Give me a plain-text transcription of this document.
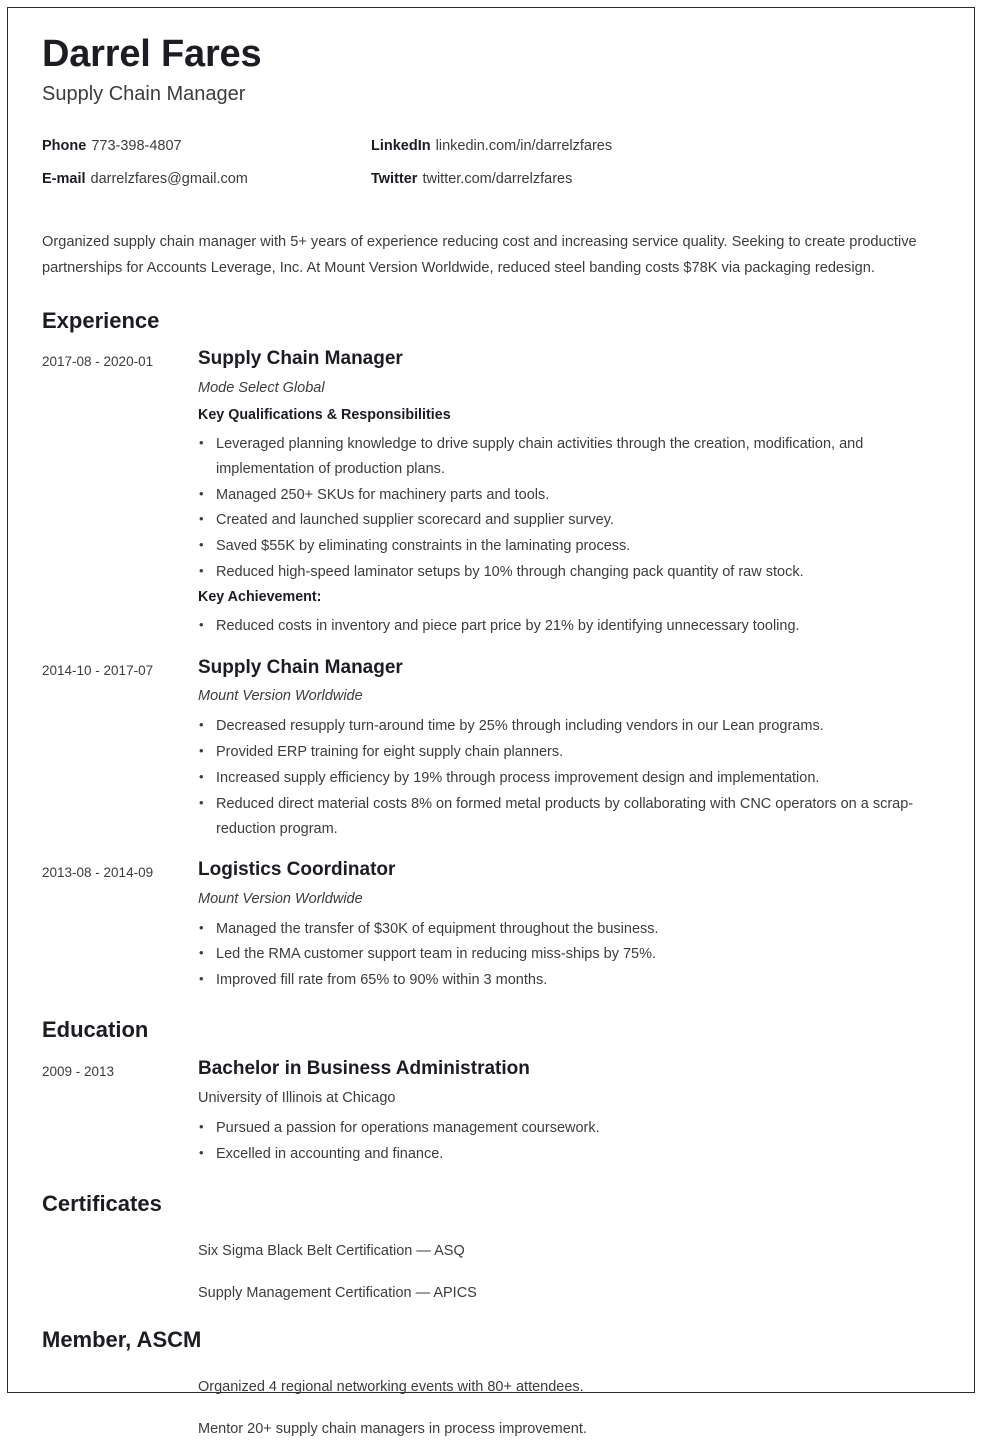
Darrel Fares
Supply Chain Manager
Phone 773-398-4807	LinkedIn linkedin.com/in/darrelzfares
E-mail darrelzfares@gmail.com	Twitter twitter.com/darrelzfares

Organized supply chain manager with 5+ years of experience reducing cost and increasing service quality. Seeking to create productive partnerships for Accounts Leverage, Inc. At Mount Version Worldwide, reduced steel banding costs $78K via packaging redesign.

Experience
2017-08 - 2020-01	Supply Chain Manager
Mode Select Global
Key Qualifications & Responsibilities
• Leveraged planning knowledge to drive supply chain activities through the creation, modification, and implementation of production plans.
• Managed 250+ SKUs for machinery parts and tools.
• Created and launched supplier scorecard and supplier survey.
• Saved $55K by eliminating constraints in the laminating process.
• Reduced high-speed laminator setups by 10% through changing pack quantity of raw stock.
Key Achievement:
• Reduced costs in inventory and piece part price by 21% by identifying unnecessary tooling.
2014-10 - 2017-07	Supply Chain Manager
Mount Version Worldwide
• Decreased resupply turn-around time by 25% through including vendors in our Lean programs.
• Provided ERP training for eight supply chain planners.
• Increased supply efficiency by 19% through process improvement design and implementation.
• Reduced direct material costs 8% on formed metal products by collaborating with CNC operators on a scrap-reduction program.
2013-08 - 2014-09	Logistics Coordinator
Mount Version Worldwide
• Managed the transfer of $30K of equipment throughout the business.
• Led the RMA customer support team in reducing miss-ships by 75%.
• Improved fill rate from 65% to 90% within 3 months.
Education
2009 - 2013	Bachelor in Business Administration
University of Illinois at Chicago
• Pursued a passion for operations management coursework.
• Excelled in accounting and finance.
Certificates
Six Sigma Black Belt Certification — ASQ
Supply Management Certification — APICS
Member, ASCM
Organized 4 regional networking events with 80+ attendees.
Mentor 20+ supply chain managers in process improvement.
